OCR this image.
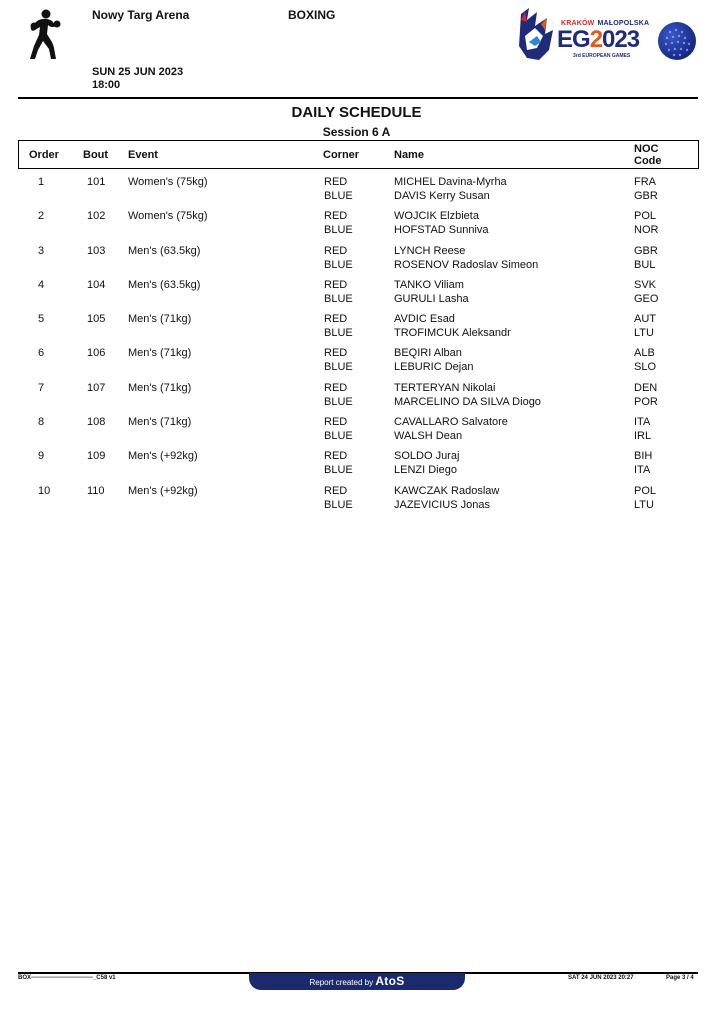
Nowy Targ Arena	BOXING
SUN 25 JUN 2023
18:00
KRAKÓW MAŁOPOLSKA
EG2023
3rd EUROPEAN GAMES
DAILY SCHEDULE
Session 6 A
Order Bout Event	Corner	Name	NOC
Code
1	101 Women's (75kg)	RED	MICHEL Davina-Myrha	FRA
BLUE	DAVIS Kerry Susan	GBR
2	102 Women's (75kg)	RED	WOJCIK Elzbieta	POL
BLUE	HOFSTAD Sunniva	NOR
3	103 Men's (63.5kg)	RED	LYNCH Reese	GBR
BLUE	ROSENOV Radoslav Simeon	BUL
4	104 Men's (63.5kg)	RED	TANKO Viliam	SVK
BLUE	GURULI Lasha	GEO
5	105 Men's (71kg)	RED	AVDIC Esad	AUT
BLUE	TROFIMCUK Aleksandr	LTU
6	106 Men's (71kg)	RED	BEQIRI Alban	ALB
BLUE	LEBURIC Dejan	SLO
7	107 Men's (71kg)	RED	TERTERYAN Nikolai	DEN
BLUE	MARCELINO DA SILVA Diogo	POR
8	108 Men's (71kg)	RED	CAVALLARO Salvatore	ITA
BLUE	WALSH Dean	IRL
9	109 Men's (+92kg)	RED	SOLDO Juraj	BIH
BLUE	LENZI Diego	ITA
10	110 Men's (+92kg)	RED	KAWCZAK Radoslaw	POL
BLUE	JAZEVICIUS Jonas	LTU
BOX-------------------------------_C58 v1	Report created by AtoS	SAT 24 JUN 2023 20:27	Page 3 / 4
